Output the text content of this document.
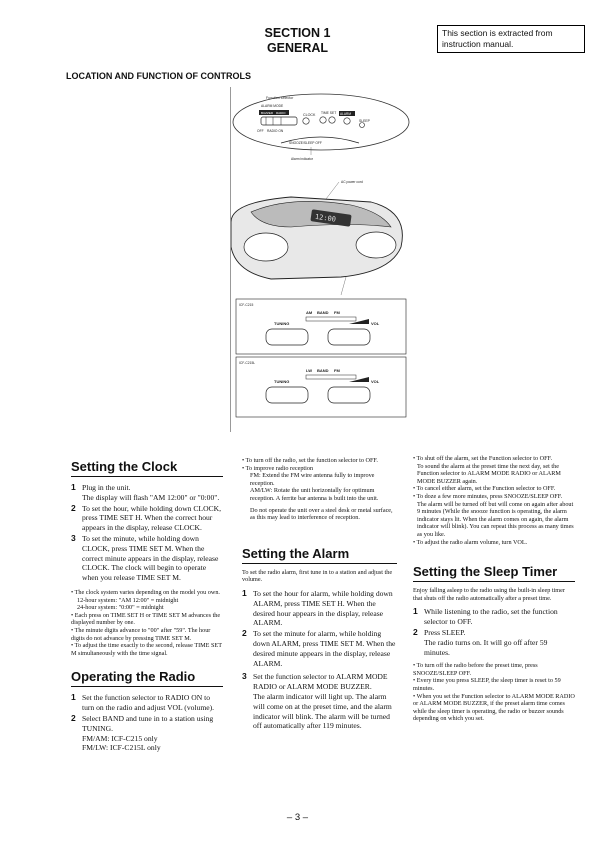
SECTION 1
GENERAL
This section is extracted from instruction manual.
LOCATION AND FUNCTION OF CONTROLS
Function selector
ALARM MODE
BUZZER RADIO
OFF RADIO ON
CLOCK TIME SET ALARM
SLEEP
SNOOZE/SLEEP OFF
Alarm indicator
AC power cord
12:00
ICF-C215
AM BAND FM
TUNING	VOL
ICF-C215L
LW BAND FM
TUNING	VOL
Setting the Clock
1 Plug in the unit.

The display will flash "AM 12:00" or "0:00".

2 To set the hour, while holding down CLOCK, press TIME SET H. When the correct hour appears in the display, release CLOCK.

3 To set the minute, while holding down CLOCK, press TIME SET M. When the correct minute appears in the display, release CLOCK. The clock will begin to operate when you release TIME SET M.

• The clock system varies depending on the model you own.

12-hour system: "AM 12:00" = midnight

24-hour system: "0:00" = midnight

• Each press on TIME SET H or TIME SET M advances the displayed number by one.

• The minute digits advance to "00" after "59". The hour digits do not advance by pressing TIME SET M.

• To adjust the time exactly to the second, release TIME SET M simultaneously with the time signal.

Operating the Radio
1 Set the function selector to RADIO ON to turn on the radio and adjust VOL (volume).

2 Select BAND and tune in to a station using TUNING.

FM/AM: ICF-C215 only

FM/LW: ICF-C215L only

• To turn off the radio, set the function selector to OFF.

• To improve radio reception

FM: Extend the FM wire antenna fully to improve reception.

AM/LW: Rotate the unit horizontally for optimum reception. A ferrite bar antenna is built into the unit.

Do not operate the unit over a steel desk or metal surface, as this may lead to interference of reception.

Setting the Alarm
To set the radio alarm, first tune in to a station and adjust the volume.
1 To set the hour for alarm, while holding down ALARM, press TIME SET H. When the desired hour appears in the display, release ALARM.

2 To set the minute for alarm, while holding down ALARM, press TIME SET M. When the desired minute appears in the display, release ALARM.

3 Set the function selector to ALARM MODE RADIO or ALARM MODE BUZZER.

The alarm indicator will light up. The alarm will come on at the preset time, and the alarm indicator will blink. The alarm will be turned off automatically after 119 minutes.

• To shut off the alarm, set the Function selector to OFF.

To sound the alarm at the preset time the next day, set the Function selector to ALARM MODE RADIO or ALARM MODE BUZZER again.

• To cancel either alarm, set the Function selector to OFF.

• To doze a few more minutes, press SNOOZE/SLEEP OFF.

The alarm will be turned off but will come on again after about 9 minutes (While the snooze function is operating, the alarm indicator stays lit. When the alarm comes on again, the alarm indicator will blink). You can repeat this process as many times as you like.

• To adjust the radio alarm volume, turn VOL.

Setting the Sleep Timer
Enjoy falling asleep to the radio using the built-in sleep timer that shuts off the radio automatically after a preset time.
1 While listening to the radio, set the function selector to OFF.

2 Press SLEEP.

The radio turns on. It will go off after 59 minutes.

• To turn off the radio before the preset time, press SNOOZE/SLEEP OFF.

• Every time you press SLEEP, the sleep timer is reset to 59 minutes.

• When you set the Function selector to ALARM MODE RADIO or ALARM MODE BUZZER, if the preset alarm time comes while the sleep timer is operating, the radio or buzzer sounds depending on which you set.

– 3 –
